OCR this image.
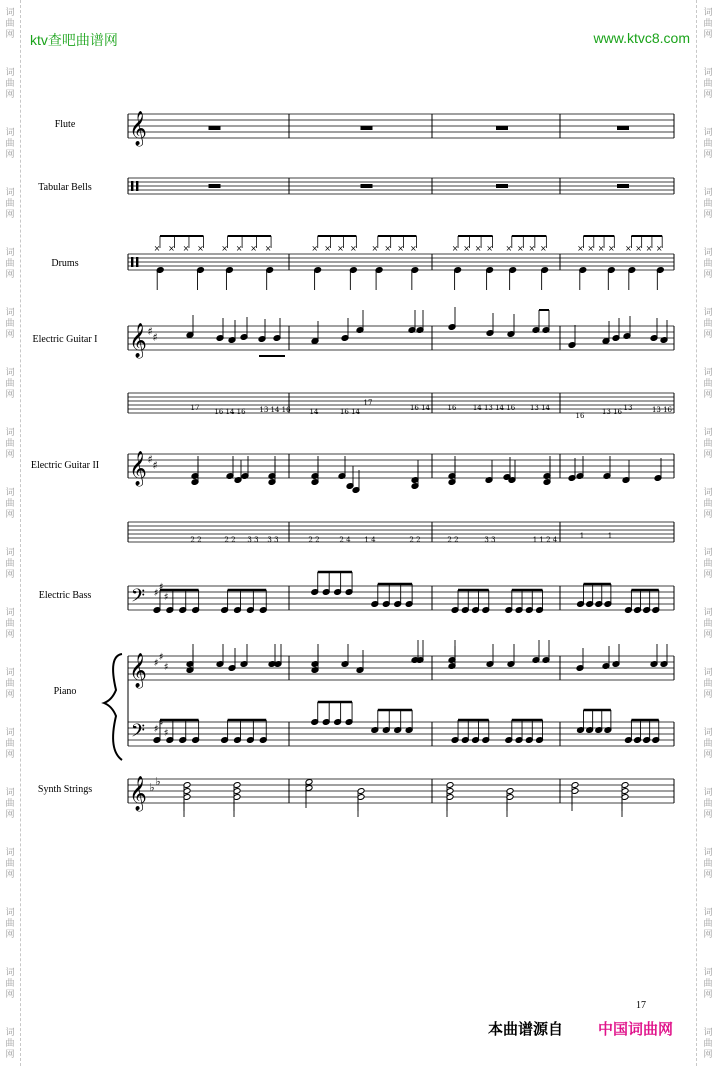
词
曲
网
词
曲
网
词
曲
网
词
曲
网
词
曲
网
词
曲
网
词
曲
网
词
曲
网
词
曲
网
词
曲
网
词
曲
网
词
曲
网
词
曲
网
词
曲
网
词
曲
网
词
曲
网
词
曲
网
词
曲
网
词
曲
网
词
曲
网
词
曲
网
词
曲
网
词
曲
网
词
曲
网
词
曲
网
词
曲
网
词
曲
网
词
曲
网
词
曲
网
词
曲
网
词
曲
网
词
曲
网
词
曲
网
词
曲
网
词
曲
网
词
曲
网
ktv查吧曲谱网	www.ktvc8.com
𝄞
× × × × × × × ×	× × × × × × × ×	× × × × × × × ×	× × × × × × × ×
𝄞 ♯ ♯
17 16 14 16 13 14 16	14	16 14
17
16 14	16 14 13 14 16 13 14
16	13 16 13	13 16
𝄞 ♯ ♯
2 2	2 2 3 3 3 3	2 2	2 4 1 4	2 2	2 2	3 3	1 1 2 4	1	1
𝄢 ♯
♯
♯
𝄞
𝄢
♯
♯
♯
♯
♯
♯
𝄞 ♭ ♭
Flute
Tabular Bells
Drums
Electric Guitar I
Electric Guitar II
Electric Bass
Piano
Synth Strings
17
本曲谱源自 中国词曲网
